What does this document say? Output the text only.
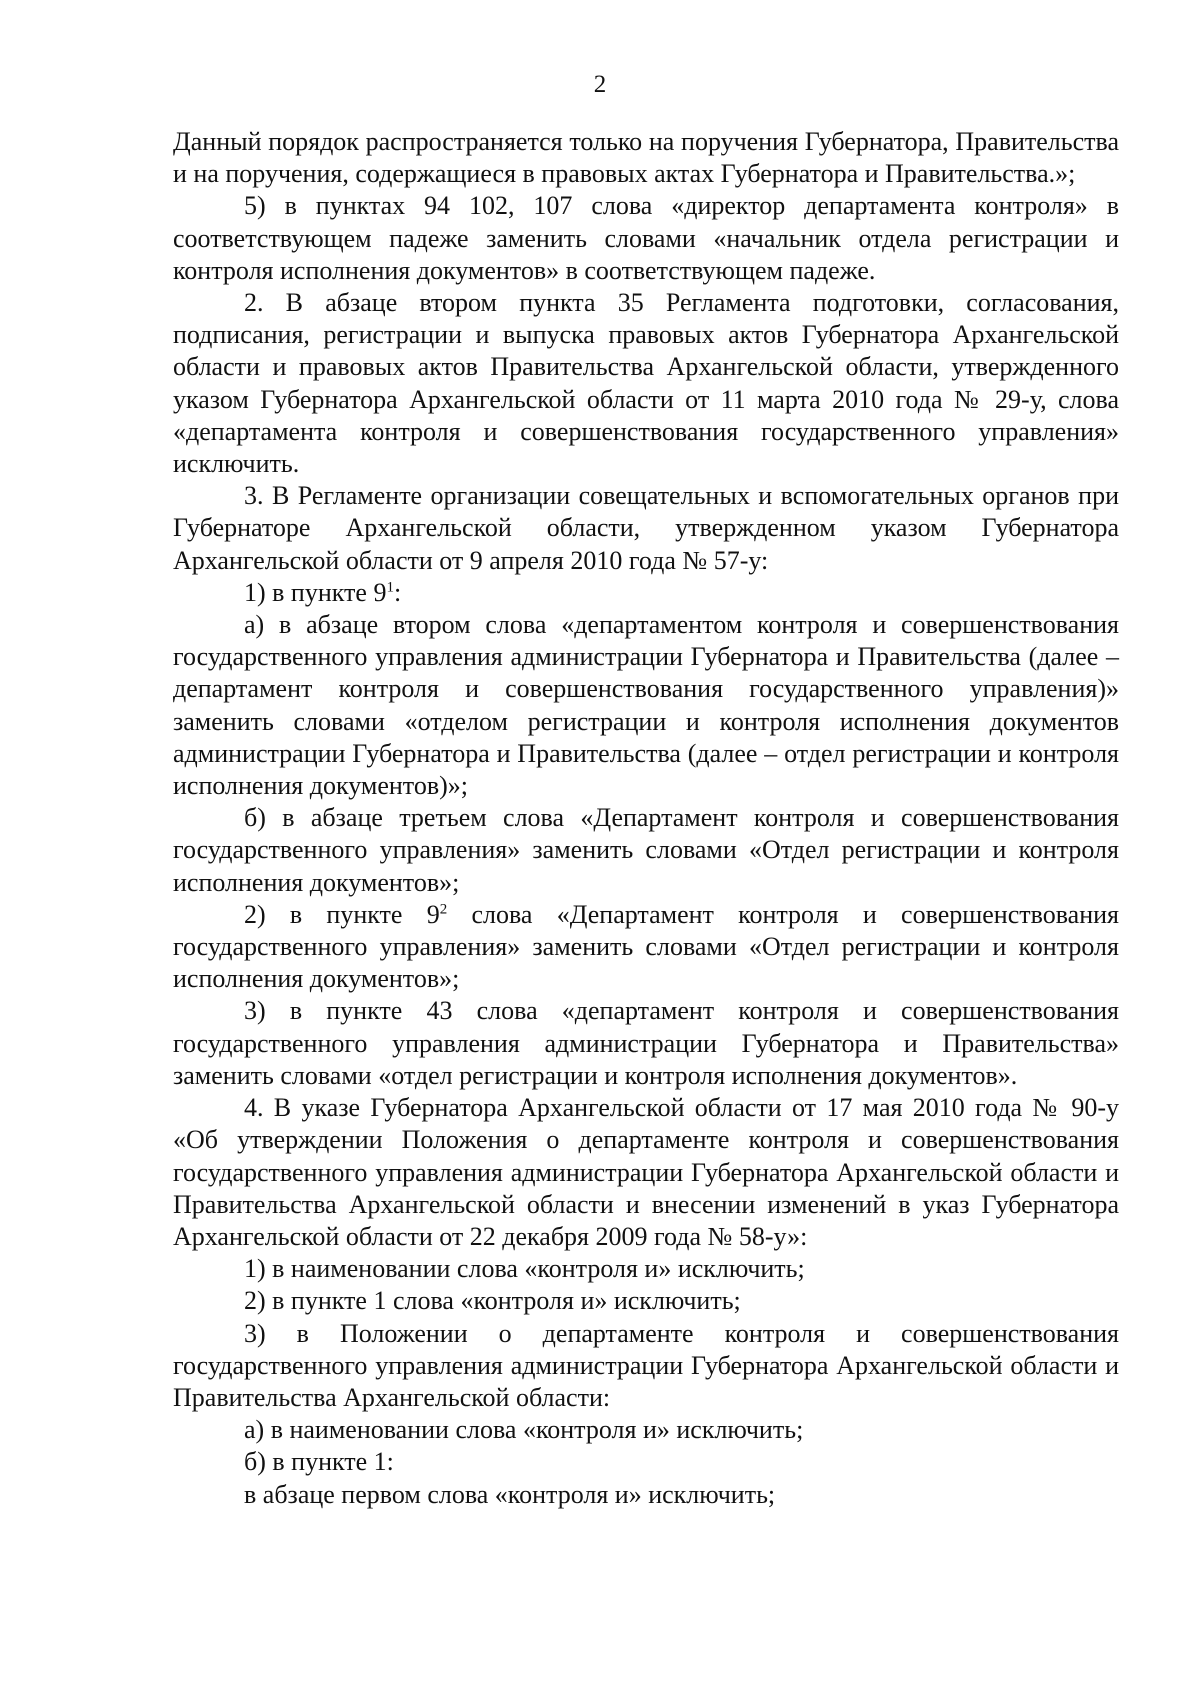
2

Данный порядок распространяется только на поручения Губернатора, Правительства и на поручения, содержащиеся в правовых актах Губернатора и Правительства.»;

5) в пунктах 94 102, 107 слова «директор департамента контроля» в соответствующем падеже заменить словами «начальник отдела регистрации и контроля исполнения документов» в соответствующем падеже.

2. В абзаце втором пункта 35 Регламента подготовки, согласования, подписания, регистрации и выпуска правовых актов Губернатора Архангельской области и правовых актов Правительства Архангельской области, утвержденного указом Губернатора Архангельской области от 11 марта 2010 года № 29-у, слова «департамента контроля и совершенствования государственного управления» исключить.

3. В Регламенте организации совещательных и вспомогательных органов при Губернаторе Архангельской области, утвержденном указом Губернатора Архангельской области от 9 апреля 2010 года № 57-у:

1) в пункте $9^1$:

а) в абзаце втором слова «департаментом контроля и совершенствования государственного управления администрации Губернатора и Правительства (далее – департамент контроля и совершенствования государственного управления)» заменить словами «отделом регистрации и контроля исполнения документов администрации Губернатора и Правительства (далее – отдел регистрации и контроля исполнения документов)»;

б) в абзаце третьем слова «Департамент контроля и совершенствования государственного управления» заменить словами «Отдел регистрации и контроля исполнения документов»;

2) в пункте $9^2$ слова «Департамент контроля и совершенствования государственного управления» заменить словами «Отдел регистрации и контроля исполнения документов»;

3) в пункте 43 слова «департамент контроля и совершенствования государственного управления администрации Губернатора и Правительства» заменить словами «отдел регистрации и контроля исполнения документов».

4. В указе Губернатора Архангельской области от 17 мая 2010 года № 90-у «Об утверждении Положения о департаменте контроля и совершенствования государственного управления администрации Губернатора Архангельской области и Правительства Архангельской области и внесении изменений в указ Губернатора Архангельской области от 22 декабря 2009 года № 58-у»:

1) в наименовании слова «контроля и» исключить;

2) в пункте 1 слова «контроля и» исключить;

3) в Положении о департаменте контроля и совершенствования государственного управления администрации Губернатора Архангельской области и Правительства Архангельской области:

а) в наименовании слова «контроля и» исключить;

б) в пункте 1:

в абзаце первом слова «контроля и» исключить;
